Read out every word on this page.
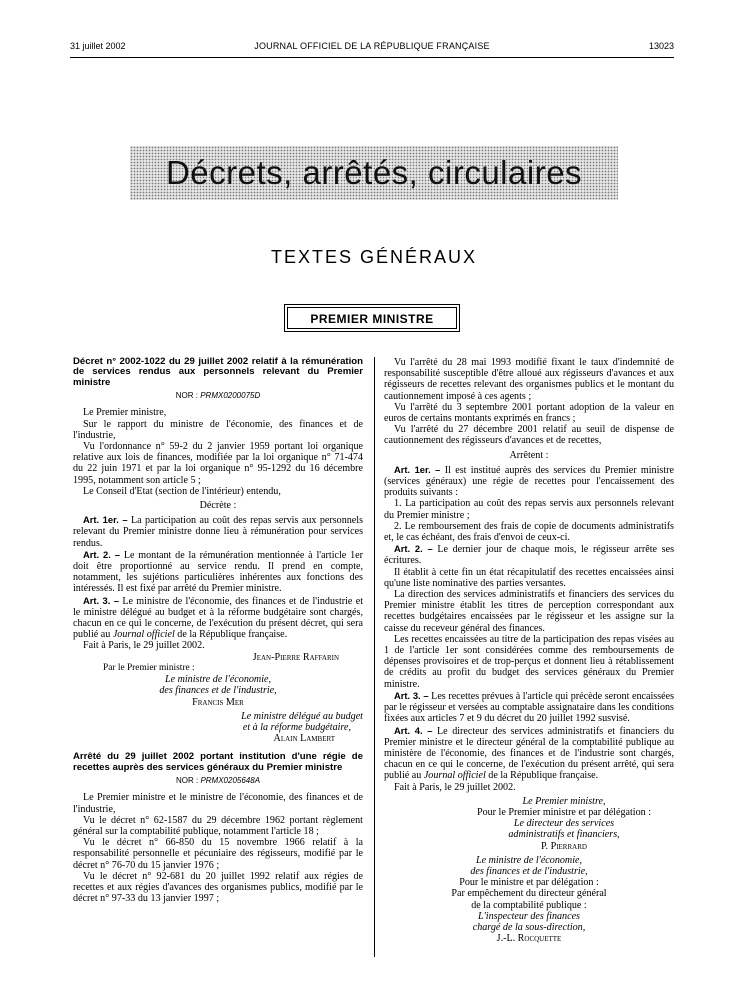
31 juillet 2002	JOURNAL OFFICIEL DE LA RÉPUBLIQUE FRANÇAISE	13023
Décrets, arrêtés, circulaires
TEXTES GÉNÉRAUX
PREMIER MINISTRE

Décret n° 2002-1022 du 29 juillet 2002 relatif à la rémunération de services rendus aux personnels relevant du Premier ministre

NOR : PRMX0200075D

Le Premier ministre,

Sur le rapport du ministre de l'économie, des finances et de l'industrie,

Vu l'ordonnance n° 59-2 du 2 janvier 1959 portant loi organique relative aux lois de finances, modifiée par la loi organique n° 71-474 du 22 juin 1971 et par la loi organique n° 95-1292 du 16 décembre 1995, notamment son article 5 ;

Le Conseil d'Etat (section de l'intérieur) entendu,

Décrète :

Art. 1er. – La participation au coût des repas servis aux personnels relevant du Premier ministre donne lieu à rémunération pour services rendus.

Art. 2. – Le montant de la rémunération mentionnée à l'article 1er doit être proportionné au service rendu. Il prend en compte, notamment, les sujétions particulières inhérentes aux fonctions des intéressés. Il est fixé par arrêté du Premier ministre.

Art. 3. – Le ministre de l'économie, des finances et de l'industrie et le ministre délégué au budget et à la réforme budgétaire sont chargés, chacun en ce qui le concerne, de l'exécution du présent décret, qui sera publié au Journal officiel de la République française.

Fait à Paris, le 29 juillet 2002.

Jean-Pierre Raffarin

Par le Premier ministre :

Le ministre de l'économie,

des finances et de l'industrie,

Francis Mer

Le ministre délégué au budget

et à la réforme budgétaire,

Alain Lambert

Arrêté du 29 juillet 2002 portant institution d'une régie de recettes auprès des services généraux du Premier ministre

NOR : PRMX0205648A

Le Premier ministre et le ministre de l'économie, des finances et de l'industrie,

Vu le décret n° 62-1587 du 29 décembre 1962 portant règlement général sur la comptabilité publique, notamment l'article 18 ;

Vu le décret n° 66-850 du 15 novembre 1966 relatif à la responsabilité personnelle et pécuniaire des régisseurs, modifié par le décret n° 76-70 du 15 janvier 1976 ;

Vu le décret n° 92-681 du 20 juillet 1992 relatif aux régies de recettes et aux régies d'avances des organismes publics, modifié par le décret n° 97-33 du 13 janvier 1997 ;

Vu l'arrêté du 28 mai 1993 modifié fixant le taux d'indemnité de responsabilité susceptible d'être alloué aux régisseurs d'avances et aux régisseurs de recettes relevant des organismes publics et le montant du cautionnement imposé à ces agents ;

Vu l'arrêté du 3 septembre 2001 portant adoption de la valeur en euros de certains montants exprimés en francs ;

Vu l'arrêté du 27 décembre 2001 relatif au seuil de dispense de cautionnement des régisseurs d'avances et de recettes,

Arrêtent :

Art. 1er. – Il est institué auprès des services du Premier ministre (services généraux) une régie de recettes pour l'encaissement des produits suivants :

1. La participation au coût des repas servis aux personnels relevant du Premier ministre ;

2. Le remboursement des frais de copie de documents administratifs et, le cas échéant, des frais d'envoi de ceux-ci.

Art. 2. – Le dernier jour de chaque mois, le régisseur arrête ses écritures.

Il établit à cette fin un état récapitulatif des recettes encaissées ainsi qu'une liste nominative des parties versantes.

La direction des services administratifs et financiers des services du Premier ministre établit les titres de perception correspondant aux recettes budgétaires encaissées par le régisseur et les assigne sur la caisse du receveur général des finances.

Les recettes encaissées au titre de la participation des repas visées au 1 de l'article 1er sont considérées comme des remboursements de dépenses provisoires et de trop-perçus et donnent lieu à rétablissement de crédits au profit du budget des services généraux du Premier ministre.

Art. 3. – Les recettes prévues à l'article qui précède seront encaissées par le régisseur et versées au comptable assignataire dans les conditions fixées aux articles 7 et 9 du décret du 20 juillet 1992 susvisé.

Art. 4. – Le directeur des services administratifs et financiers du Premier ministre et le directeur général de la comptabilité publique au ministère de l'économie, des finances et de l'industrie sont chargés, chacun en ce qui le concerne, de l'exécution du présent arrêté, qui sera publié au Journal officiel de la République française.

Fait à Paris, le 29 juillet 2002.

Le Premier ministre,

Pour le Premier ministre et par délégation :

Le directeur des services

administratifs et financiers,

P. Pierrard

Le ministre de l'économie,

des finances et de l'industrie,

Pour le ministre et par délégation :

Par empêchement du directeur général

de la comptabilité publique :

L'inspecteur des finances

chargé de la sous-direction,

J.-L. Rocquette
